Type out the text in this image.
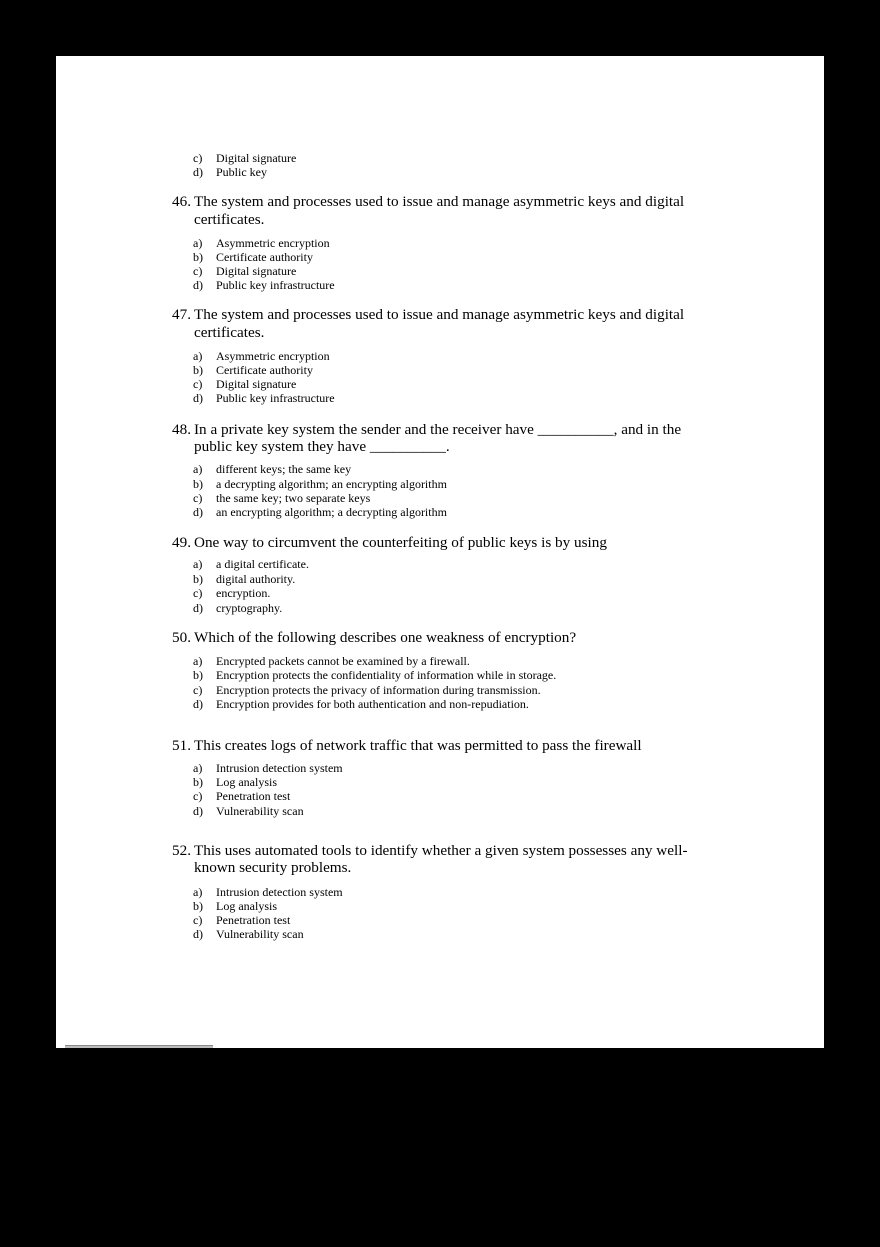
c) Digital signature
d) Public key
46. The system and processes used to issue and manage asymmetric keys and digital
certificates.
a) Asymmetric encryption
b) Certificate authority
c) Digital signature
d) Public key infrastructure
47. The system and processes used to issue and manage asymmetric keys and digital
certificates.
a) Asymmetric encryption
b) Certificate authority
c) Digital signature
d) Public key infrastructure
48. In a private key system the sender and the receiver have __________, and in the
public key system they have __________.
a) different keys; the same key
b) a decrypting algorithm; an encrypting algorithm
c) the same key; two separate keys
d) an encrypting algorithm; a decrypting algorithm
49. One way to circumvent the counterfeiting of public keys is by using
a) a digital certificate.
b) digital authority.
c) encryption.
d) cryptography.
50. Which of the following describes one weakness of encryption?
a) Encrypted packets cannot be examined by a firewall.
b) Encryption protects the confidentiality of information while in storage.
c) Encryption protects the privacy of information during transmission.
d) Encryption provides for both authentication and non-repudiation.
51. This creates logs of network traffic that was permitted to pass the firewall
a) Intrusion detection system
b) Log analysis
c) Penetration test
d) Vulnerability scan
52. This uses automated tools to identify whether a given system possesses any well-
known security problems.
a) Intrusion detection system
b) Log analysis
c) Penetration test
d) Vulnerability scan
